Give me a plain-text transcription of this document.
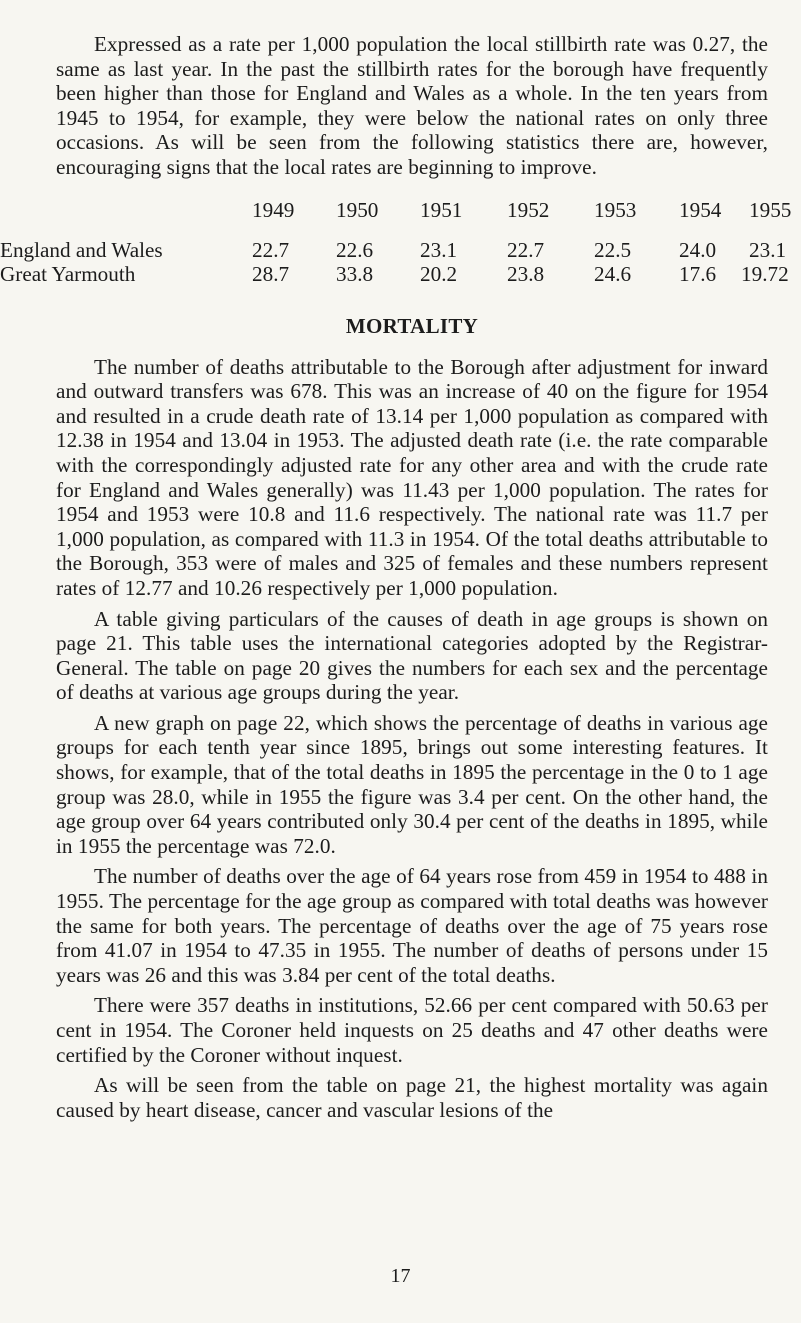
Expressed as a rate per 1,000 population the local stillbirth rate was 0.27, the same as last year. In the past the stillbirth rates for the borough have frequently been higher than those for England and Wales as a whole. In the ten years from 1945 to 1954, for example, they were below the national rates on only three occasions. As will be seen from the following statistics there are, however, encouraging signs that the local rates are beginning to improve.

1949 1950 1951 1952 1953 1954 1955
England and Wales	22.7 22.6 23.1 22.7 22.5 24.0 23.1
Great Yarmouth	28.7 33.8 20.2 23.8 24.6 17.6 19.72
MORTALITY

The number of deaths attributable to the Borough after adjustment for inward and outward transfers was 678. This was an increase of 40 on the figure for 1954 and resulted in a crude death rate of 13.14 per 1,000 population as compared with 12.38 in 1954 and 13.04 in 1953. The adjusted death rate (i.e. the rate comparable with the correspondingly adjusted rate for any other area and with the crude rate for England and Wales generally) was 11.43 per 1,000 population. The rates for 1954 and 1953 were 10.8 and 11.6 respectively. The national rate was 11.7 per 1,000 population, as compared with 11.3 in 1954. Of the total deaths attributable to the Borough, 353 were of males and 325 of females and these numbers represent rates of 12.77 and 10.26 respectively per 1,000 population.

A table giving particulars of the causes of death in age groups is shown on page 21. This table uses the international categories adopted by the Registrar-General. The table on page 20 gives the numbers for each sex and the percentage of deaths at various age groups during the year.

A new graph on page 22, which shows the percentage of deaths in various age groups for each tenth year since 1895, brings out some interesting features. It shows, for example, that of the total deaths in 1895 the percentage in the 0 to 1 age group was 28.0, while in 1955 the figure was 3.4 per cent. On the other hand, the age group over 64 years contributed only 30.4 per cent of the deaths in 1895, while in 1955 the percentage was 72.0.

The number of deaths over the age of 64 years rose from 459 in 1954 to 488 in 1955. The percentage for the age group as compared with total deaths was however the same for both years. The percentage of deaths over the age of 75 years rose from 41.07 in 1954 to 47.35 in 1955. The number of deaths of persons under 15 years was 26 and this was 3.84 per cent of the total deaths.

There were 357 deaths in institutions, 52.66 per cent compared with 50.63 per cent in 1954. The Coroner held inquests on 25 deaths and 47 other deaths were certified by the Coroner without inquest.

As will be seen from the table on page 21, the highest mortality was again caused by heart disease, cancer and vascular lesions of the

17
